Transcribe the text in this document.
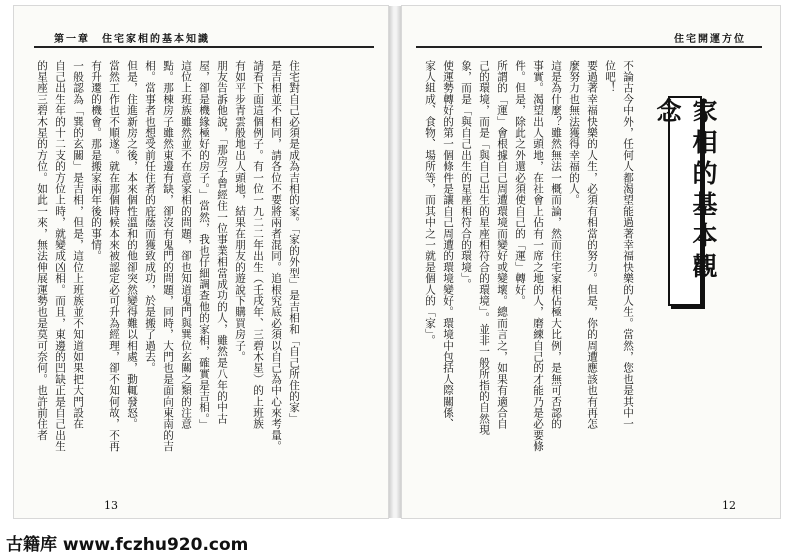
第一章　住宅家相的基本知識
住宅對自己必須是成為吉相的家。「家的外型」是吉相和「自己所住的家」
是吉相並不相同，請各位不要將兩者混同。追根究底必須以自己為中心來考量。
請看下面這個例子。有一位一九二二年出生（壬戌年、三碧木星）的上班族
有如平步青雲般地出人頭地，結果在朋友的遊說下購買房子。
朋友告訴他說，「那房子曾經住一位事業相當成功的人，雖然是八年的中古
屋，卻是機緣極好的房子。」當然，我也仔細調查他的家相，確實是吉相。」
這位上班族雖然並不在意家相的問題，卻也知道鬼門與巽位玄關之類的注意
點。那棟房子雖然東邊有缺，卻沒有鬼門的問題，同時，大門也是面向東南的吉
相。當事者也想受前任住者的庇蔭而獲致成功，於是搬了過去。
但是，住進新房之後，本來個性溫和的他卻突然變得難以相處，動輒發怒。
當然工作也不順遂。就在那個時候本來被認定必可升為經理，卻不知何故，不再
有升遷的機會。那是搬家兩年後的事情。
一般認為「巽的玄關」是吉相，但是，這位上班族並不知道如果把大門設在
自己出生年的十二支的方位上時，就變成凶相。而且，東邊的凹缺正是自己出生
的星座三碧木星的方位。如此一來，無法伸展運勢也是莫可奈何。也許前住者
13
住宅開運方位
家相的基本觀念
不論古今中外，任何人都渴望能過著幸福快樂的人生。當然，您也是其中一
位吧！
要過著幸福快樂的人生，必須有相當的努力。但是，你的周遭應該也有再怎
麼努力也無法獲得幸福的人。
這是為什麼？雖然無法一概而論，然而住宅家相佔極大比例，是無可否認的
事實。渴望出人頭地，在社會上佔有一席之地的人，磨練自己的才能乃是必要條
件。但是，除此之外還必須使自己的「運」轉好。
所謂的「運」會根據自己周遭環境而變好或變壞。總而言之，如果有適合自
己的環境，而是「與自己出生的星座相符合的環境」。並非一般所指的自然現
象，而是「與自己出生的星座相符合的環境」。
使運勢轉好的第一個條件是讓自己周遭的環境變好。環境中包括人際關係、
家人組成、食物、場所等，而其中之一就是個人的「家」。
12
古籍库 www.fczhu920.com
